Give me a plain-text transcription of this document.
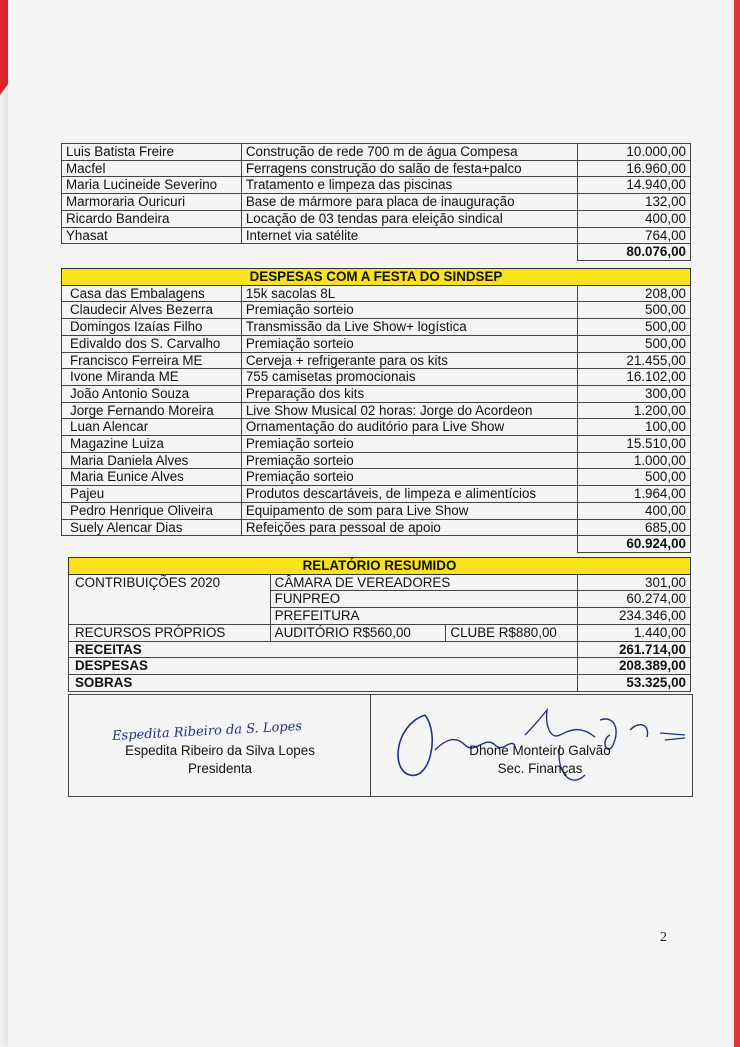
Luis Batista Freire	Construção de rede 700 m de água Compesa	10.000,00
Macfel	Ferragens construção do salão de festa+palco	16.960,00
Maria Lucineide Severino	Tratamento e limpeza das piscinas	14.940,00
Marmoraria Ouricuri	Base de mármore para placa de inauguração	132,00
Ricardo Bandeira	Locação de 03 tendas para eleição sindical	400,00
Yhasat	Internet via satélite	764,00
		80.076,00
DESPESAS COM A FESTA DO SINDSEP		
Casa das Embalagens	15k sacolas 8L	208,00
Claudecir Alves Bezerra	Premiação sorteio	500,00
Domingos Izaías Filho	Transmissão da Live Show+ logística	500,00
Edivaldo dos S. Carvalho	Premiação sorteio	500,00
Francisco Ferreira ME	Cerveja + refrigerante para os kits	21.455,00
Ivone Miranda ME	755 camisetas promocionais	16.102,00
João Antonio Souza	Preparação dos kits	300,00
Jorge Fernando Moreira	Live Show Musical 02 horas: Jorge do Acordeon	1.200,00
Luan Alencar	Ornamentação do auditório para Live Show	100,00
Magazine Luiza	Premiação sorteio	15.510,00
Maria Daniela Alves	Premiação sorteio	1.000,00
Maria Eunice Alves	Premiação sorteio	500,00
Pajeu	Produtos descartáveis, de limpeza e alimentícios	1.964,00
Pedro Henrique Oliveira	Equipamento de som para Live Show	400,00
Suely Alencar Dias	Refeições para pessoal de apoio	685,00
		60.924,00
RELATÓRIO RESUMIDO			
CONTRIBUIÇÕES 2020	CÂMARA DE VEREADORES		301,00
	FUNPREO		60.274,00
	PREFEITURA		234.346,00
RECURSOS PRÓPRIOS	AUDITÓRIO R$560,00	CLUBE R$880,00	1.440,00
RECEITAS			261.714,00
DESPESAS			208.389,00
SOBRAS			53.325,00
Espedita Ribeiro da S. Lopes
Espedita Ribeiro da Silva Lopes
Presidenta
Dhone Monteiro Galvão
Sec. Finanças
2
